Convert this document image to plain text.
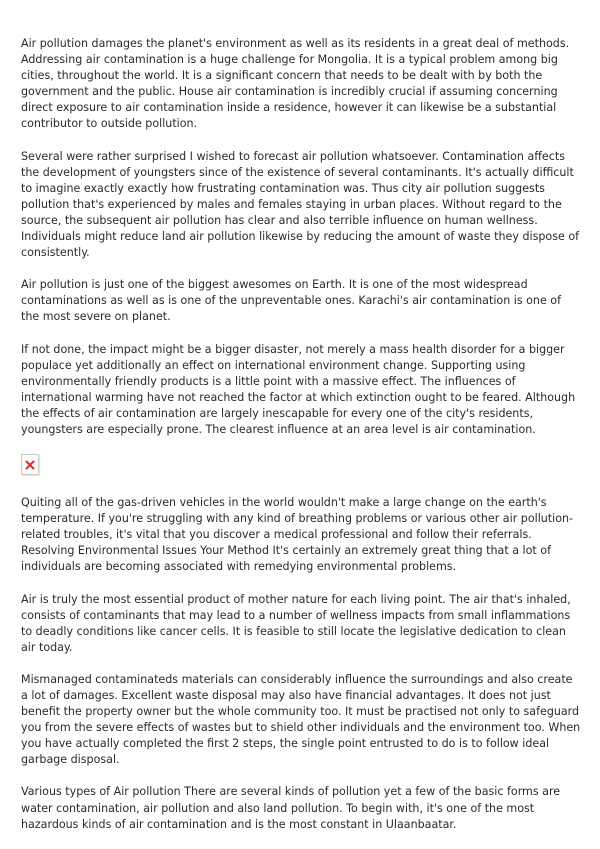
Air pollution damages the planet's environment as well as its residents in a great deal of methods. Addressing air contamination is a huge challenge for Mongolia. It is a typical problem among big cities, throughout the world. It is a significant concern that needs to be dealt with by both the government and the public. House air contamination is incredibly crucial if assuming concerning direct exposure to air contamination inside a residence, however it can likewise be a substantial contributor to outside pollution.

Several were rather surprised I wished to forecast air pollution whatsoever. Contamination affects the development of youngsters since of the existence of several contaminants. It's actually difficult to imagine exactly exactly how frustrating contamination was. Thus city air pollution suggests pollution that's experienced by males and females staying in urban places. Without regard to the source, the subsequent air pollution has clear and also terrible influence on human wellness. Individuals might reduce land air pollution likewise by reducing the amount of waste they dispose of consistently.

Air pollution is just one of the biggest awesomes on Earth. It is one of the most widespread contaminations as well as is one of the unpreventable ones. Karachi's air contamination is one of the most severe on planet.

If not done, the impact might be a bigger disaster, not merely a mass health disorder for a bigger populace yet additionally an effect on international environment change. Supporting using environmentally friendly products is a little point with a massive effect. The influences of international warming have not reached the factor at which extinction ought to be feared. Although the effects of air contamination are largely inescapable for every one of the city's residents, youngsters are especially prone. The clearest influence at an area level is air contamination.

Quiting all of the gas-driven vehicles in the world wouldn't make a large change on the earth's temperature. If you're struggling with any kind of breathing problems or various other air pollution-related troubles, it's vital that you discover a medical professional and follow their referrals. Resolving Environmental Issues Your Method It's certainly an extremely great thing that a lot of individuals are becoming associated with remedying environmental problems.

Air is truly the most essential product of mother nature for each living point. The air that's inhaled, consists of contaminants that may lead to a number of wellness impacts from small inflammations to deadly conditions like cancer cells. It is feasible to still locate the legislative dedication to clean air today.

Mismanaged contaminateds materials can considerably influence the surroundings and also create a lot of damages. Excellent waste disposal may also have financial advantages. It does not just benefit the property owner but the whole community too. It must be practised not only to safeguard you from the severe effects of wastes but to shield other individuals and the environment too. When you have actually completed the first 2 steps, the single point entrusted to do is to follow ideal garbage disposal.

Various types of Air pollution There are several kinds of pollution yet a few of the basic forms are water contamination, air pollution and also land pollution. To begin with, it's one of the most hazardous kinds of air contamination and is the most constant in Ulaanbaatar.
